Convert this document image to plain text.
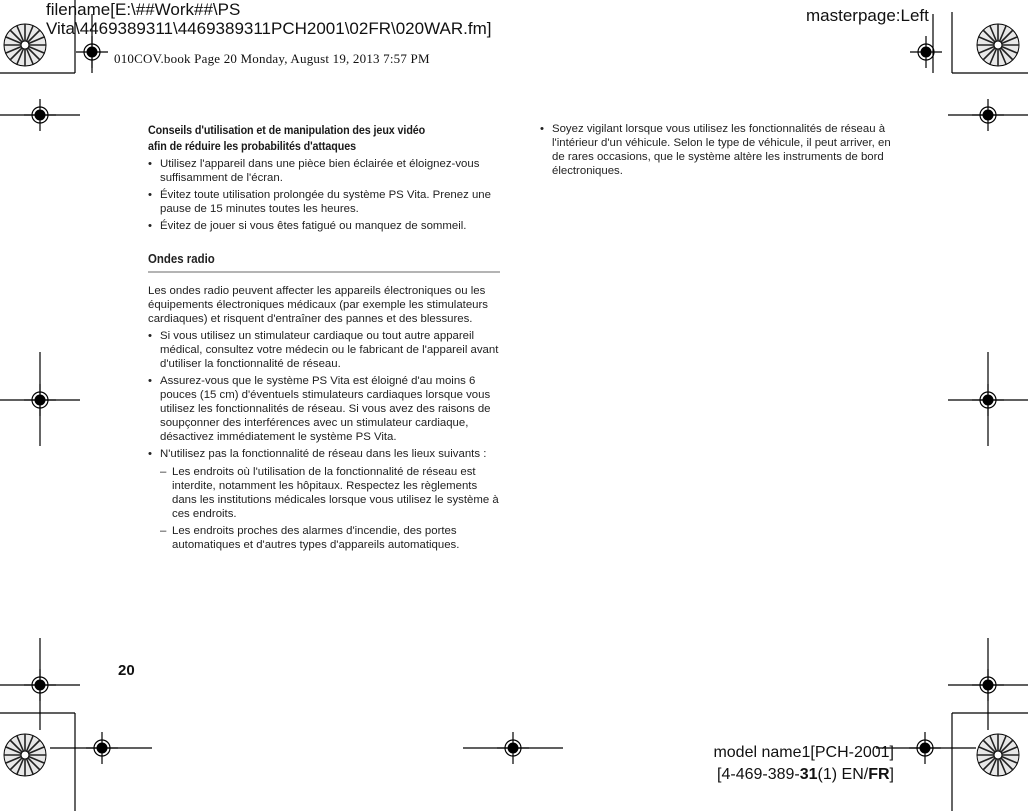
filename[E:\##Work##\PS
Vita\4469389311\4469389311PCH2001\02FR\020WAR.fm]
masterpage:Left
010COV.book Page 20 Monday, August 19, 2013 7:57 PM
Conseils d'utilisation et de manipulation des jeux vidéo
afin de réduire les probabilités d'attaques
• Utilisez l'appareil dans une pièce bien éclairée et éloignez-vous suffisamment de l'écran.
• Évitez toute utilisation prolongée du système PS Vita. Prenez une pause de 15 minutes toutes les heures.
• Évitez de jouer si vous êtes fatigué ou manquez de sommeil.
Ondes radio
Les ondes radio peuvent affecter les appareils électroniques ou les équipements électroniques médicaux (par exemple les stimulateurs cardiaques) et risquent d'entraîner des pannes et des blessures.
• Si vous utilisez un stimulateur cardiaque ou tout autre appareil médical, consultez votre médecin ou le fabricant de l'appareil avant d'utiliser la fonctionnalité de réseau.
• Assurez-vous que le système PS Vita est éloigné d'au moins 6 pouces (15 cm) d'éventuels stimulateurs cardiaques lorsque vous utilisez les fonctionnalités de réseau. Si vous avez des raisons de soupçonner des interférences avec un stimulateur cardiaque, désactivez immédiatement le système PS Vita.
• N'utilisez pas la fonctionnalité de réseau dans les lieux suivants :
– Les endroits où l'utilisation de la fonctionnalité de réseau est interdite, notamment les hôpitaux. Respectez les règlements dans les institutions médicales lorsque vous utilisez le système à ces endroits.
– Les endroits proches des alarmes d'incendie, des portes automatiques et d'autres types d'appareils automatiques.
• Soyez vigilant lorsque vous utilisez les fonctionnalités de réseau à l'intérieur d'un véhicule. Selon le type de véhicule, il peut arriver, en de rares occasions, que le système altère les instruments de bord électroniques.
20
model name1[PCH-2001]
[4-469-389-31(1) EN/FR]
